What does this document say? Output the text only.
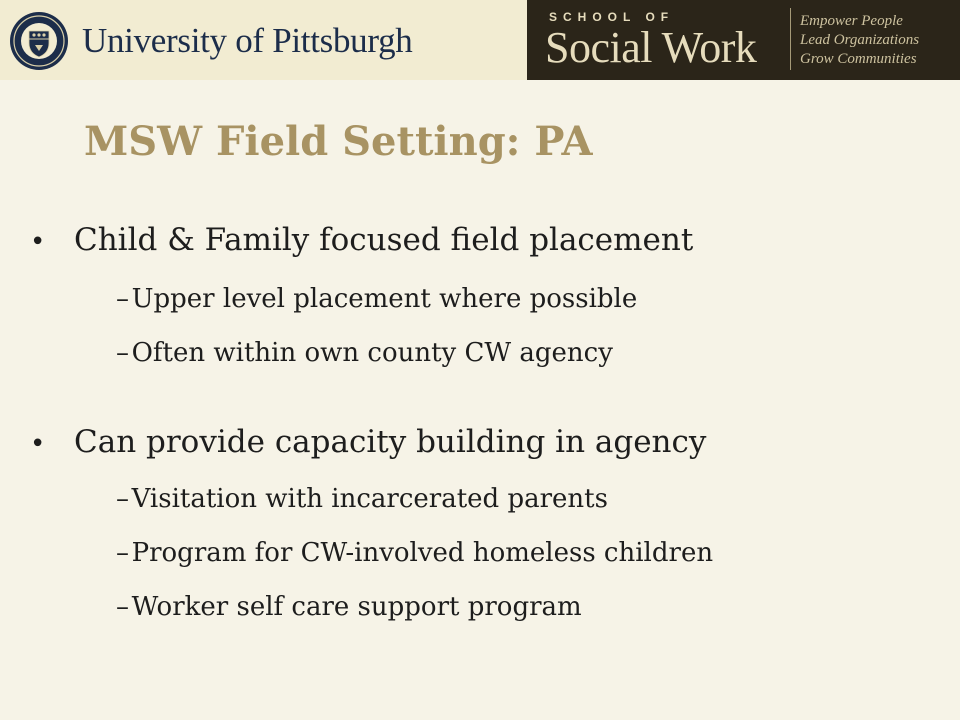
University of Pittsburgh
SCHOOL OF
Social Work
Empower People
Lead Organizations
Grow Communities
MSW Field Setting: PA
• Child & Family focused field placement
– Upper level placement where possible
– Often within own county CW agency
• Can provide capacity building in agency
– Visitation with incarcerated parents
– Program for CW-involved homeless children
– Worker self care support program
